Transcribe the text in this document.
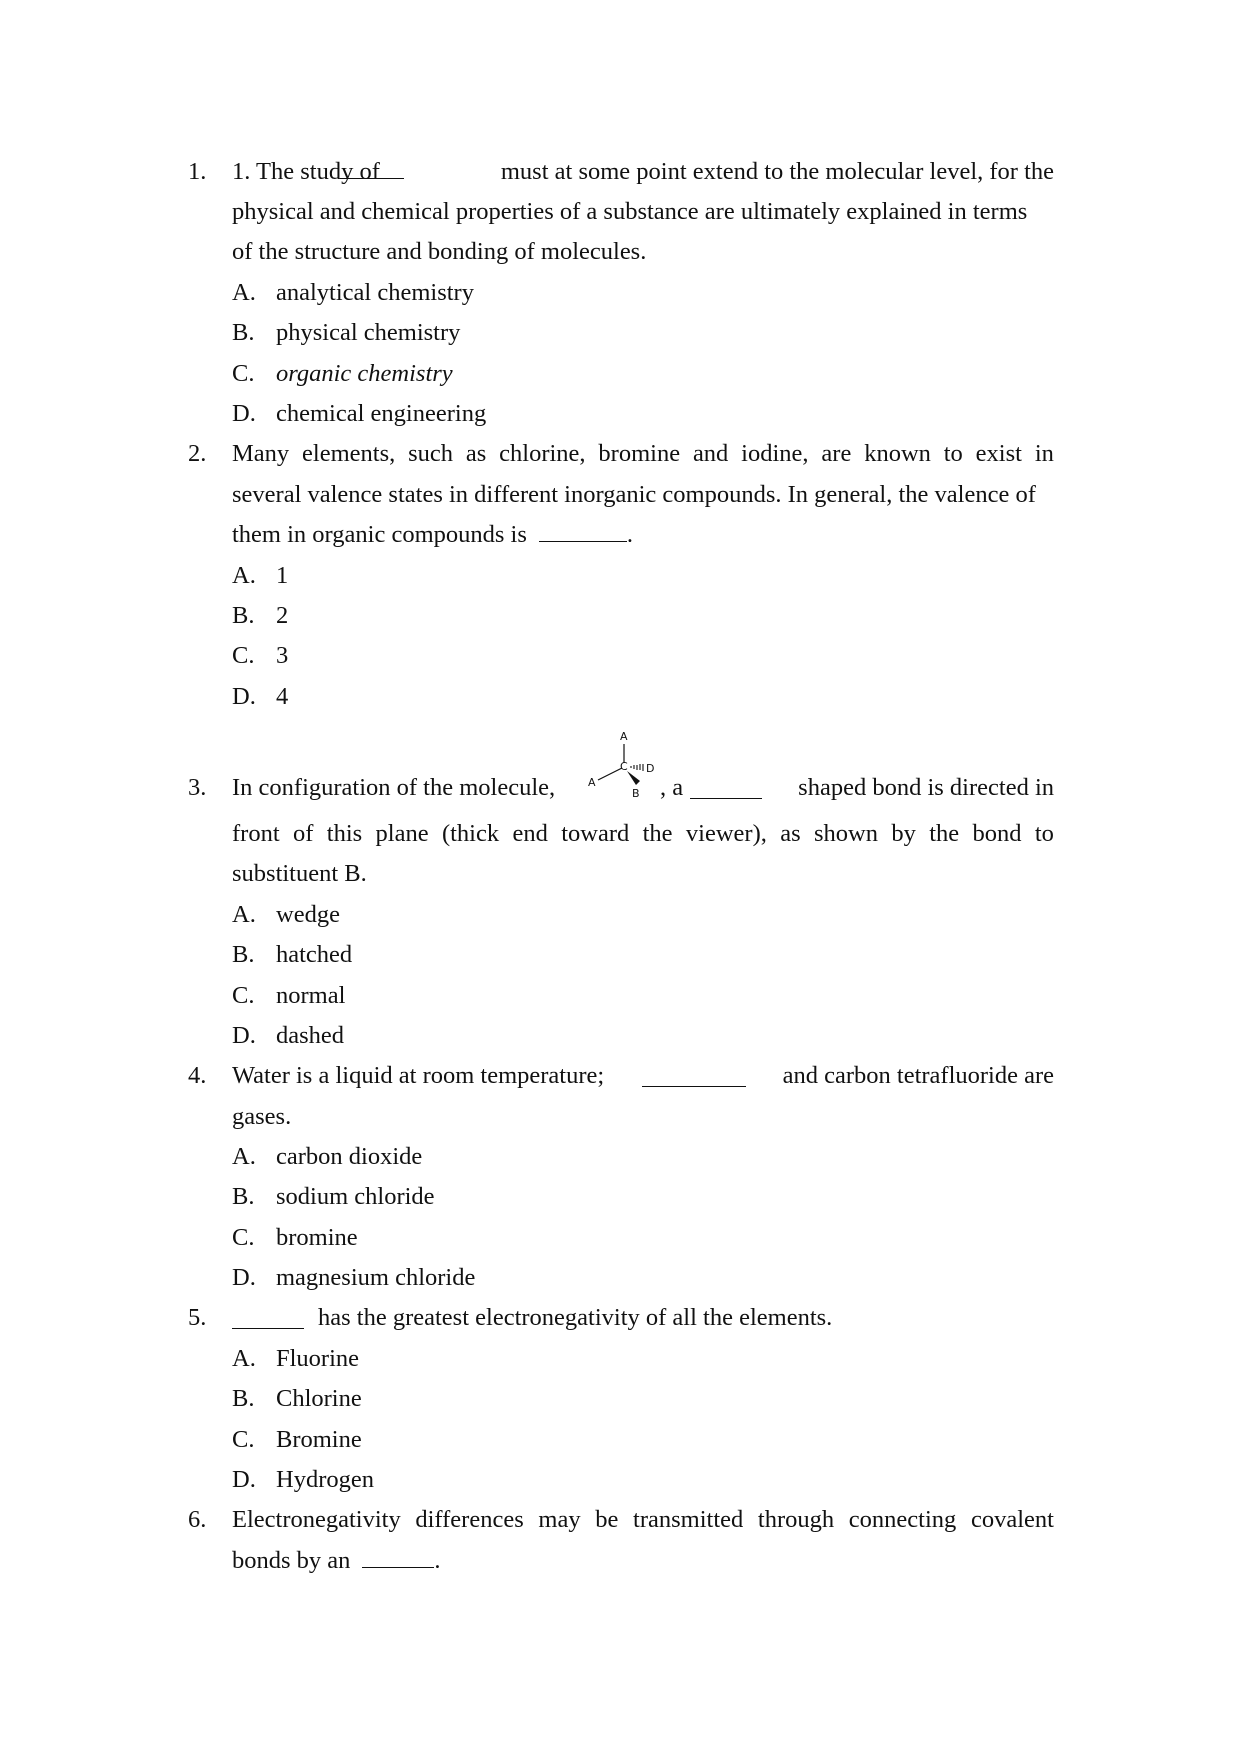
1. 1. The study of	must at some point extend to the molecular level, for the
physical and chemical properties of a substance are ultimately explained in terms
of the structure and bonding of molecules.
A. analytical chemistry
B. physical chemistry
C. organic chemistry
D. chemical engineering
2. Many elements, such as chlorine, bromine and iodine, are known to exist in
several valence states in different inorganic compounds. In general, the valence of
them in organic compounds is	.
A. 1
B. 2
C. 3
D. 4
3. In configuration of the molecule,
A
A
C D
B , a	shaped bond is directed in
front of this plane (thick end toward the viewer), as shown by the bond to
substituent B.
A. wedge
B. hatched
C. normal
D. dashed
4. Water is a liquid at room temperature;	and carbon tetrafluoride are
gases.
A. carbon dioxide
B. sodium chloride
C. bromine
D. magnesium chloride
5.	has the greatest electronegativity of all the elements.
A. Fluorine
B. Chlorine
C. Bromine
D. Hydrogen
6. Electronegativity differences may be transmitted through connecting covalent
bonds by an	.
